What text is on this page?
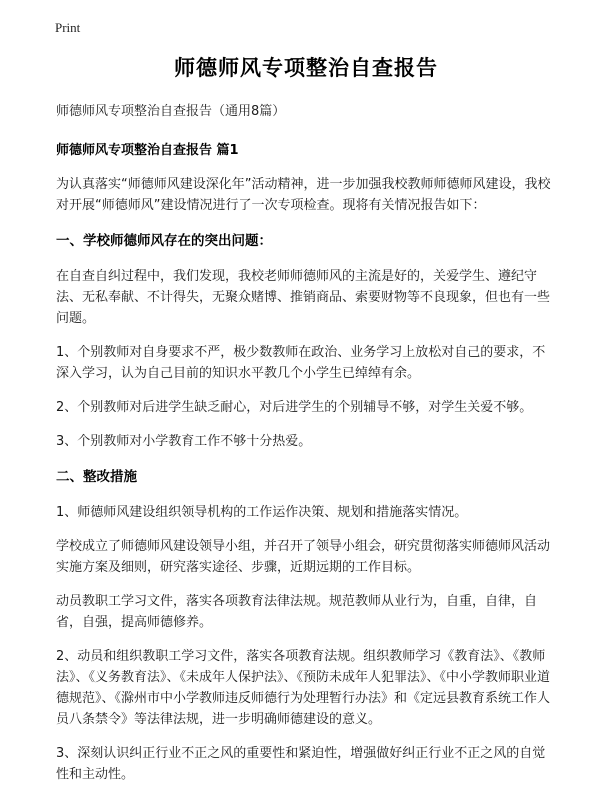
Print
师德师风专项整治自查报告
师德师风专项整治自查报告（通用8篇）
师德师风专项整治自查报告 篇1

为认真落实“师德师风建设深化年”活动精神，进一步加强我校教师师德师风建设，我校对开展“师德师风”建设情况进行了一次专项检查。现将有关情况报告如下：

一、学校师德师风存在的突出问题：

在自查自纠过程中，我们发现，我校老师师德师风的主流是好的，关爱学生、遵纪守法、无私奉献、不计得失，无聚众赌博、推销商品、索要财物等不良现象，但也有一些问题。

1、个别教师对自身要求不严，极少数教师在政治、业务学习上放松对自己的要求，不深入学习，认为自己目前的知识水平教几个小学生已绰绰有余。

2、个别教师对后进学生缺乏耐心，对后进学生的个别辅导不够，对学生关爱不够。

3、个别教师对小学教育工作不够十分热爱。

二、整改措施

1、师德师风建设组织领导机构的工作运作决策、规划和措施落实情况。

学校成立了师德师风建设领导小组，并召开了领导小组会，研究贯彻落实师德师风活动实施方案及细则，研究落实途径、步骤，近期远期的工作目标。

动员教职工学习文件，落实各项教育法律法规。规范教师从业行为，自重，自律，自省，自强，提高师德修养。

2、动员和组织教职工学习文件，落实各项教育法规。组织教师学习《教育法》、《教师法》、《义务教育法》、《未成年人保护法》、《预防未成年人犯罪法》、《中小学教师职业道德规范》、《滁州市中小学教师违反师德行为处理暂行办法》和《定远县教育系统工作人员八条禁令》等法律法规，进一步明确师德建设的意义。

3、深刻认识纠正行业不正之风的重要性和紧迫性，增强做好纠正行业不正之风的自觉性和主动性。
